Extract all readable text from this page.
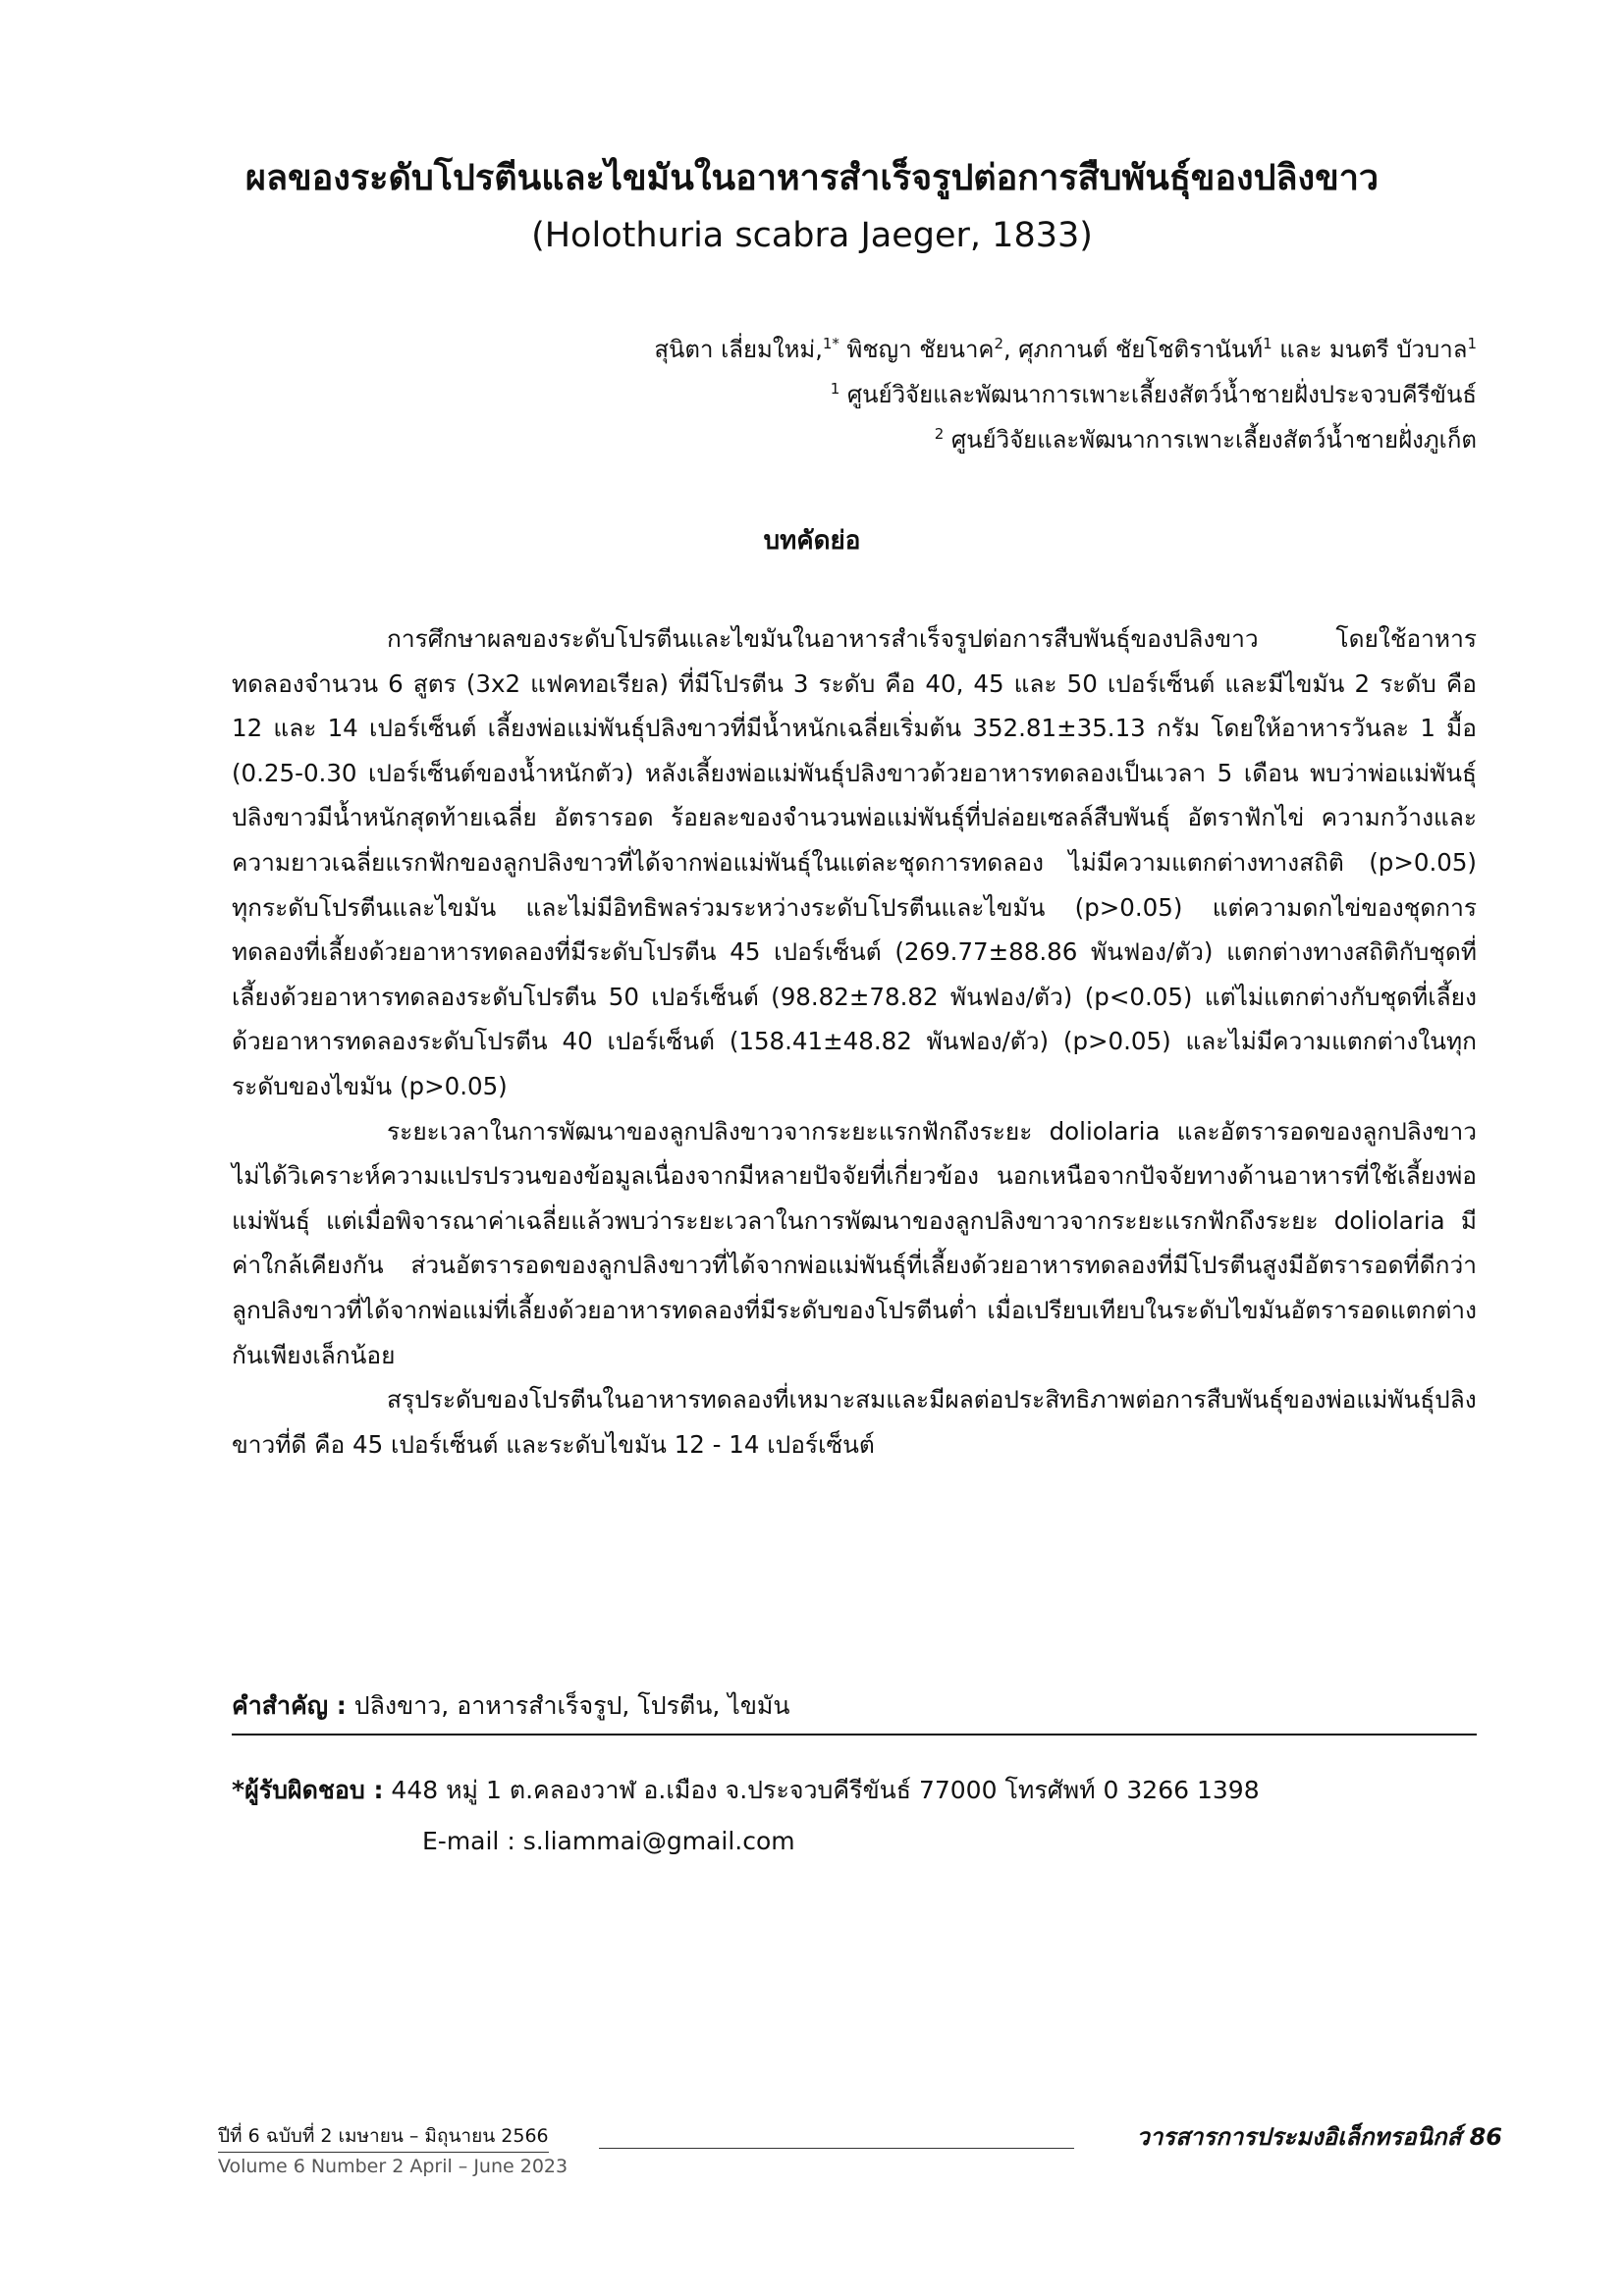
ผลของระดับโปรตีนและไขมันในอาหารสำเร็จรูปต่อการสืบพันธุ์ของปลิงขาว
(Holothuria scabra Jaeger, 1833)
สุนิตา เลี่ยมใหม่,$^{1*}$ พิชญา ชัยนาค$^2$, ศุภกานต์ ชัยโชติรานันท์$^1$ และ มนตรี บัวบาล$^1$
$^1$ ศูนย์วิจัยและพัฒนาการเพาะเลี้ยงสัตว์น้ำชายฝั่งประจวบคีรีขันธ์
$^2$ ศูนย์วิจัยและพัฒนาการเพาะเลี้ยงสัตว์น้ำชายฝั่งภูเก็ต
บทคัดย่อ

การศึกษาผลของระดับโปรตีนและไขมันในอาหารสำเร็จรูปต่อการสืบพันธุ์ของปลิงขาว โดยใช้อาหารทดลองจำนวน 6 สูตร (3x2 แฟคทอเรียล) ที่มีโปรตีน 3 ระดับ คือ 40, 45 และ 50 เปอร์เซ็นต์ และมีไขมัน 2 ระดับ คือ 12 และ 14 เปอร์เซ็นต์ เลี้ยงพ่อแม่พันธุ์ปลิงขาวที่มีน้ำหนักเฉลี่ยเริ่มต้น 352.81±35.13 กรัม โดยให้อาหารวันละ 1 มื้อ (0.25-0.30 เปอร์เซ็นต์ของน้ำหนักตัว) หลังเลี้ยงพ่อแม่พันธุ์ปลิงขาวด้วยอาหารทดลองเป็นเวลา 5 เดือน พบว่าพ่อแม่พันธุ์ปลิงขาวมีน้ำหนักสุดท้ายเฉลี่ย อัตรารอด ร้อยละของจำนวนพ่อแม่พันธุ์ที่ปล่อยเซลล์สืบพันธุ์ อัตราฟักไข่ ความกว้างและความยาวเฉลี่ยแรกฟักของลูกปลิงขาวที่ได้จากพ่อแม่พันธุ์ในแต่ละชุดการทดลอง ไม่มีความแตกต่างทางสถิติ (p>0.05) ทุกระดับโปรตีนและไขมัน และไม่มีอิทธิพลร่วมระหว่างระดับโปรตีนและไขมัน (p>0.05) แต่ความดกไข่ของชุดการทดลองที่เลี้ยงด้วยอาหารทดลองที่มีระดับโปรตีน 45 เปอร์เซ็นต์ (269.77±88.86 พันฟอง/ตัว) แตกต่างทางสถิติกับชุดที่เลี้ยงด้วยอาหารทดลองระดับโปรตีน 50 เปอร์เซ็นต์ (98.82±78.82 พันฟอง/ตัว) (p<0.05) แต่ไม่แตกต่างกับชุดที่เลี้ยงด้วยอาหารทดลองระดับโปรตีน 40 เปอร์เซ็นต์ (158.41±48.82 พันฟอง/ตัว) (p>0.05) และไม่มีความแตกต่างในทุกระดับของไขมัน (p>0.05)

ระยะเวลาในการพัฒนาของลูกปลิงขาวจากระยะแรกฟักถึงระยะ doliolaria และอัตรารอดของลูกปลิงขาว ไม่ได้วิเคราะห์ความแปรปรวนของข้อมูลเนื่องจากมีหลายปัจจัยที่เกี่ยวข้อง นอกเหนือจากปัจจัยทางด้านอาหารที่ใช้เลี้ยงพ่อแม่พันธุ์ แต่เมื่อพิจารณาค่าเฉลี่ยแล้วพบว่าระยะเวลาในการพัฒนาของลูกปลิงขาวจากระยะแรกฟักถึงระยะ doliolaria มีค่าใกล้เคียงกัน ส่วนอัตรารอดของลูกปลิงขาวที่ได้จากพ่อแม่พันธุ์ที่เลี้ยงด้วยอาหารทดลองที่มีโปรตีนสูงมีอัตรารอดที่ดีกว่าลูกปลิงขาวที่ได้จากพ่อแม่ที่เลี้ยงด้วยอาหารทดลองที่มีระดับของโปรตีนต่ำ เมื่อเปรียบเทียบในระดับไขมันอัตรารอดแตกต่างกันเพียงเล็กน้อย

สรุประดับของโปรตีนในอาหารทดลองที่เหมาะสมและมีผลต่อประสิทธิภาพต่อการสืบพันธุ์ของพ่อแม่พันธุ์ปลิงขาวที่ดี คือ 45 เปอร์เซ็นต์ และระดับไขมัน 12 - 14 เปอร์เซ็นต์

คำสำคัญ : ปลิงขาว, อาหารสำเร็จรูป, โปรตีน, ไขมัน
*ผู้รับผิดชอบ : 448 หมู่ 1 ต.คลองวาฬ อ.เมือง จ.ประจวบคีรีขันธ์ 77000 โทรศัพท์ 0 3266 1398
E-mail : s.liammai@gmail.com
ปีที่ 6 ฉบับที่ 2 เมษายน – มิถุนายน 2566	วารสารการประมงอิเล็กทรอนิกส์ 86
Volume 6 Number 2 April – June 2023
